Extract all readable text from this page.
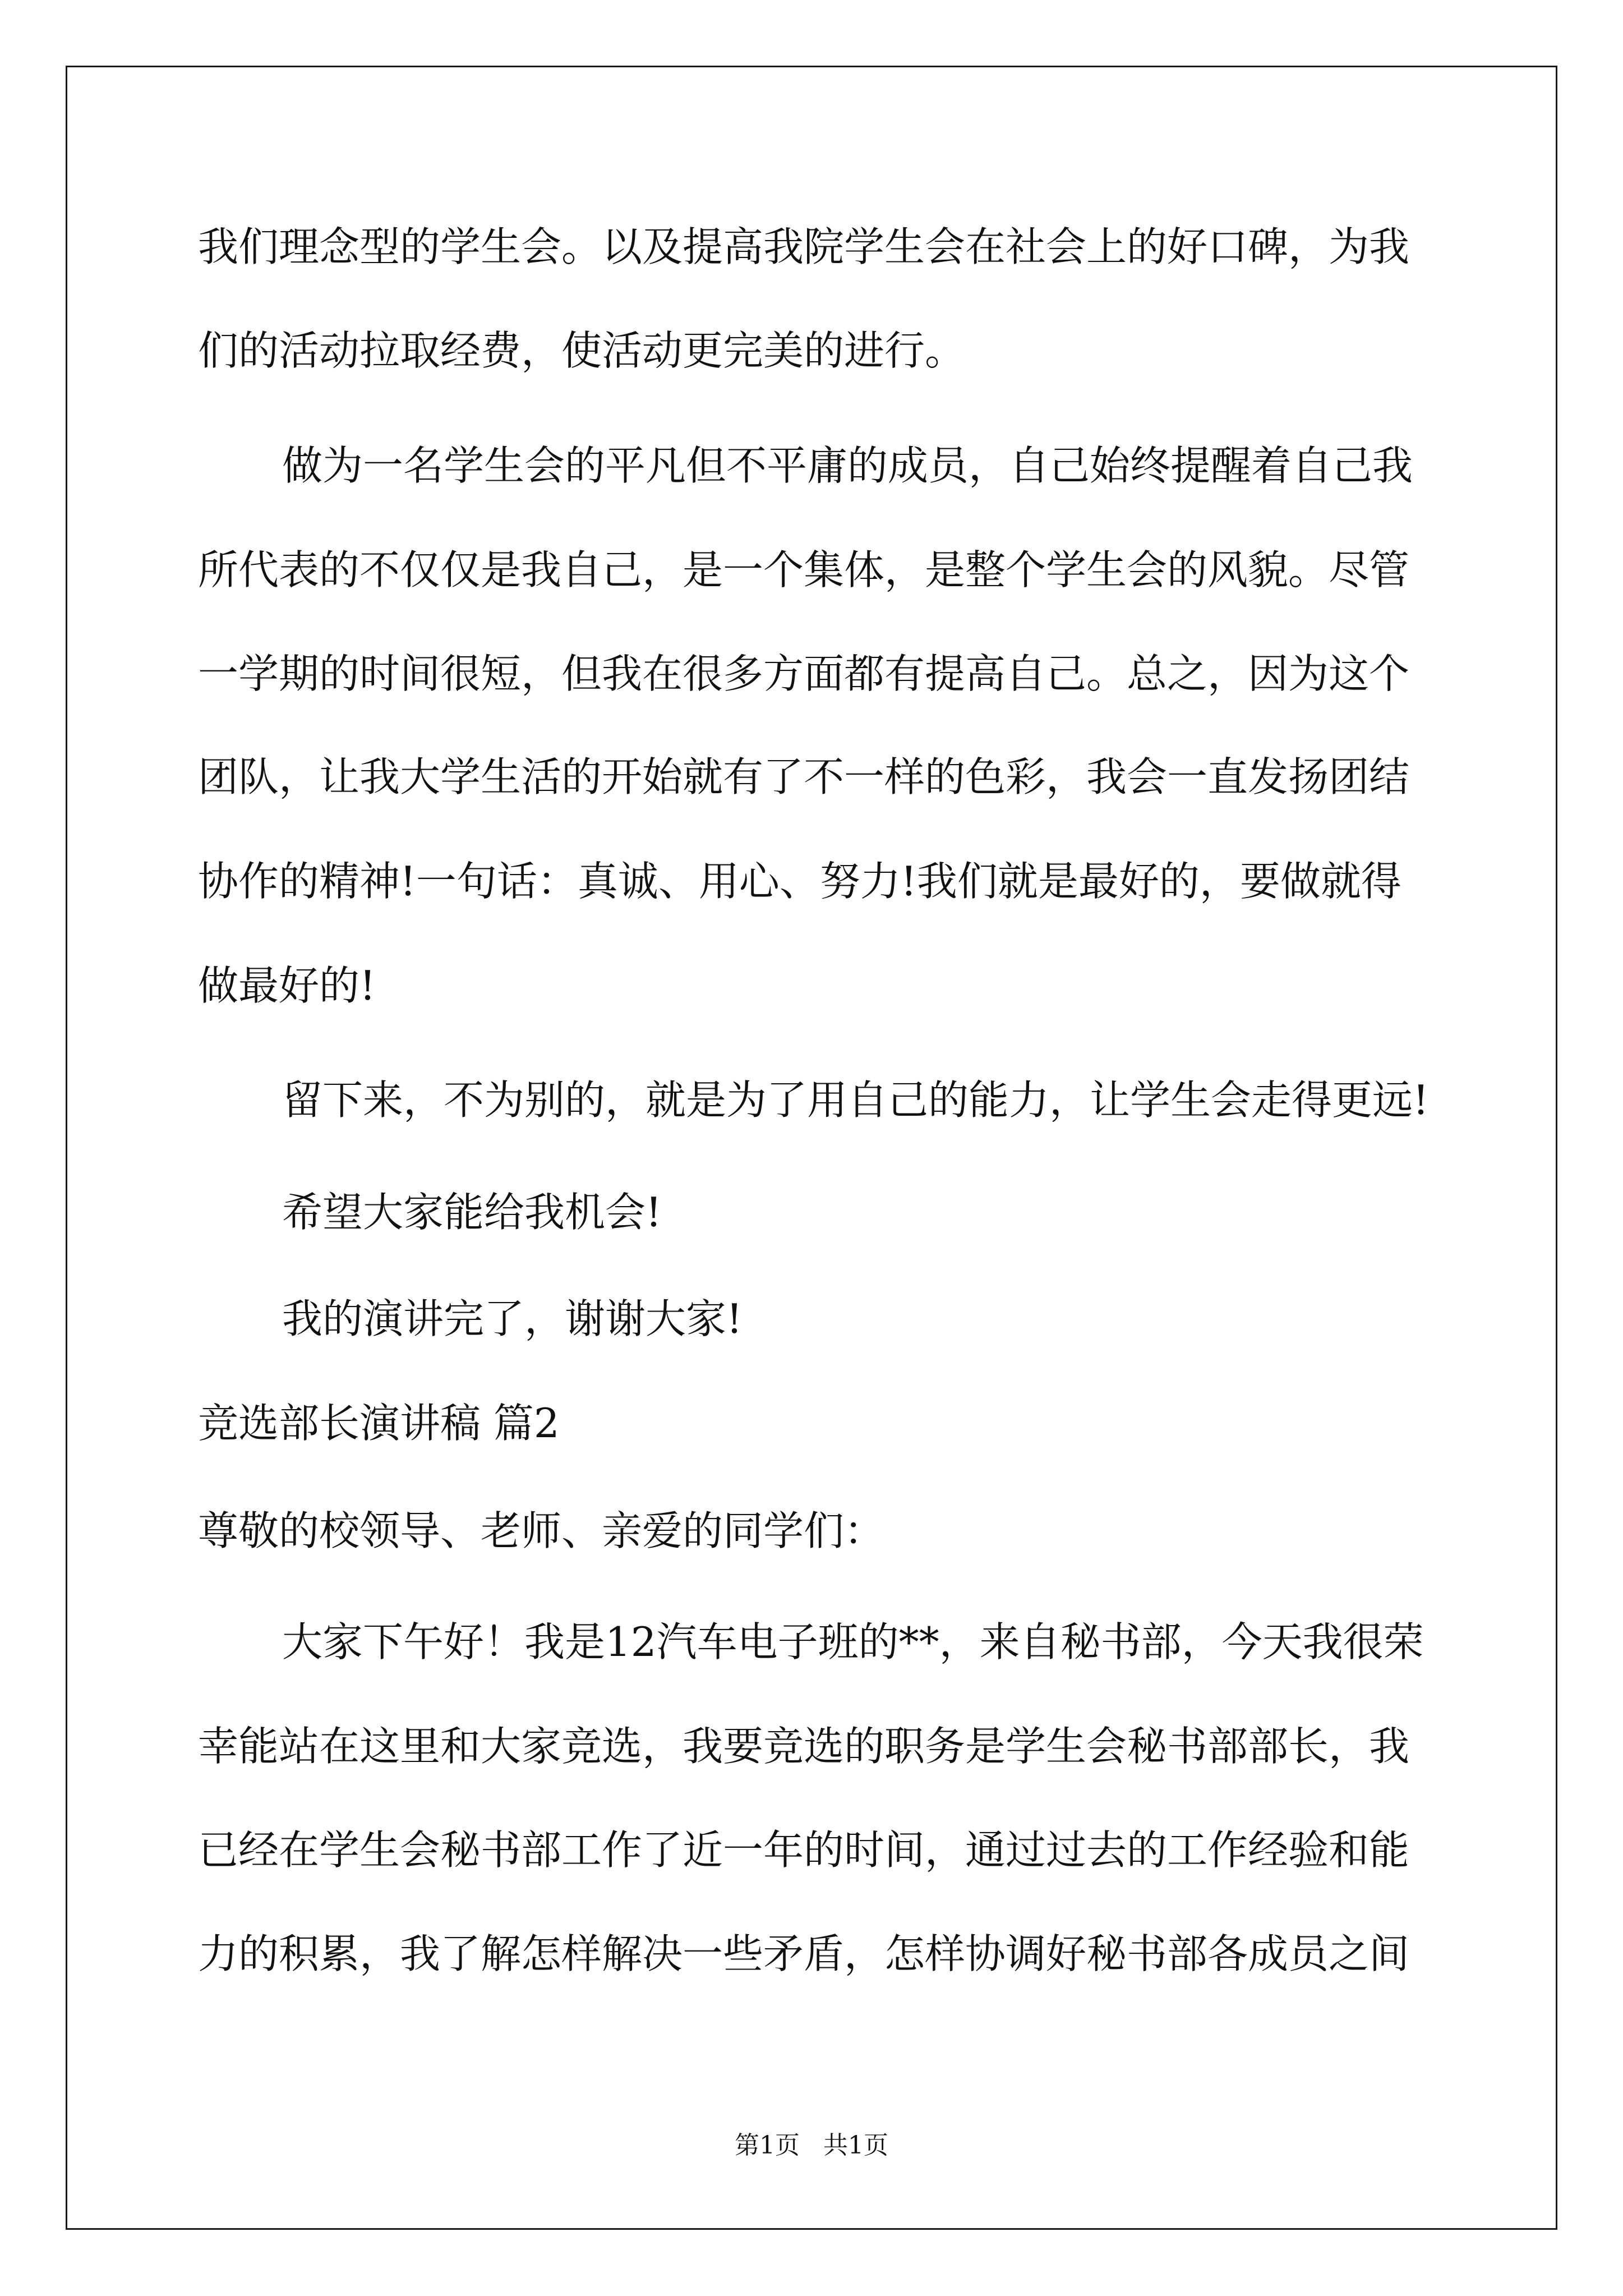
我们理念型的学生会。以及提高我院学生会在社会上的好口碑，为我

们的活动拉取经费，使活动更完美的进行。

做为一名学生会的平凡但不平庸的成员，自己始终提醒着自己我

所代表的不仅仅是我自己，是一个集体，是整个学生会的风貌。尽管

一学期的时间很短，但我在很多方面都有提高自己。总之，因为这个

团队，让我大学生活的开始就有了不一样的色彩，我会一直发扬团结

协作的精神!一句话：真诚、用心、努力!我们就是最好的，要做就得

做最好的!

留下来，不为别的，就是为了用自己的能力，让学生会走得更远!

希望大家能给我机会!

我的演讲完了，谢谢大家!

竞选部长演讲稿 篇2

尊敬的校领导、老师、亲爱的同学们：

大家下午好！我是12汽车电子班的**，来自秘书部，今天我很荣

幸能站在这里和大家竞选，我要竞选的职务是学生会秘书部部长，我

已经在学生会秘书部工作了近一年的时间，通过过去的工作经验和能

力的积累，我了解怎样解决一些矛盾，怎样协调好秘书部各成员之间

第1页   共1页
